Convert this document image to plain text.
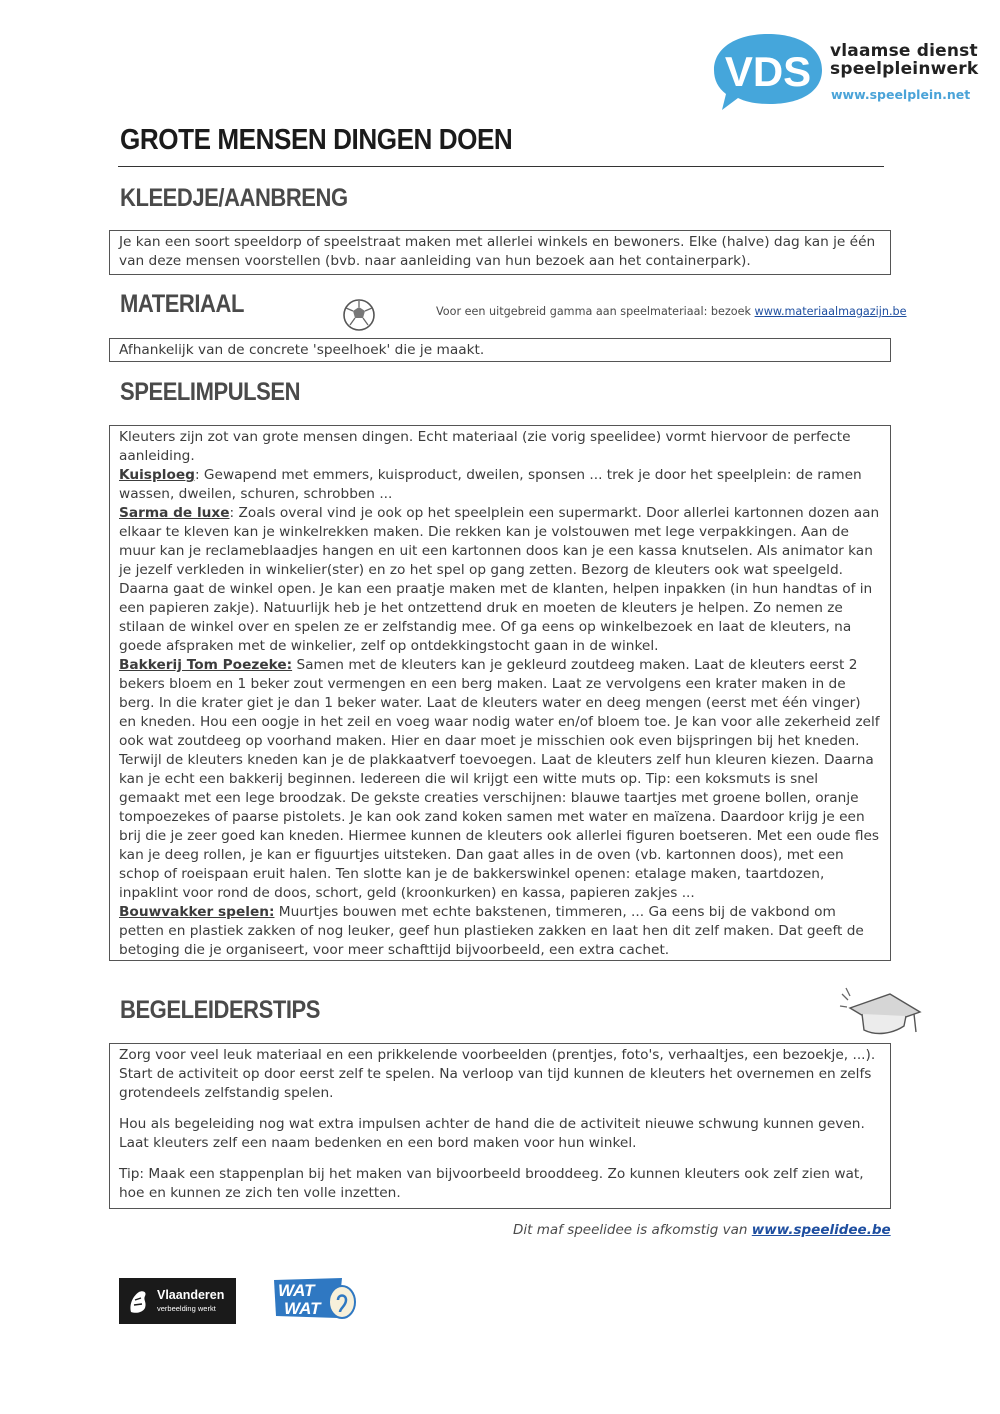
VDS vlaamse dienst
speelpleinwerk
www.speelplein.net
GROTE MENSEN DINGEN DOEN
KLEEDJE/AANBRENG

Je kan een soort speeldorp of speelstraat maken met allerlei winkels en bewoners. Elke (halve) dag kan je één van deze mensen voorstellen (bvb. naar aanleiding van hun bezoek aan het containerpark).

MATERIAAL	Voor een uitgebreid gamma aan speelmateriaal: bezoek www.materiaalmagazijn.be

Afhankelijk van de concrete 'speelhoek' die je maakt.

SPEELIMPULSEN

Kleuters zijn zot van grote mensen dingen. Echt materiaal (zie vorig speelidee) vormt hiervoor de perfecte aanleiding.

Kuisploeg: Gewapend met emmers, kuisproduct, dweilen, sponsen ... trek je door het speelplein: de ramen wassen, dweilen, schuren, schrobben ...

Sarma de luxe: Zoals overal vind je ook op het speelplein een supermarkt. Door allerlei kartonnen dozen aan elkaar te kleven kan je winkelrekken maken. Die rekken kan je volstouwen met lege verpakkingen. Aan de muur kan je reclameblaadjes hangen en uit een kartonnen doos kan je een kassa knutselen. Als animator kan je jezelf verkleden in winkelier(ster) en zo het spel op gang zetten. Bezorg de kleuters ook wat speelgeld. Daarna gaat de winkel open. Je kan een praatje maken met de klanten, helpen inpakken (in hun handtas of in een papieren zakje). Natuurlijk heb je het ontzettend druk en moeten de kleuters je helpen. Zo nemen ze stilaan de winkel over en spelen ze er zelfstandig mee. Of ga eens op winkelbezoek en laat de kleuters, na goede afspraken met de winkelier, zelf op ontdekkingstocht gaan in de winkel.

Bakkerij Tom Poezeke: Samen met de kleuters kan je gekleurd zoutdeeg maken. Laat de kleuters eerst 2 bekers bloem en 1 beker zout vermengen en een berg maken. Laat ze vervolgens een krater maken in de berg. In die krater giet je dan 1 beker water. Laat de kleuters water en deeg mengen (eerst met één vinger) en kneden. Hou een oogje in het zeil en voeg waar nodig water en/of bloem toe. Je kan voor alle zekerheid zelf ook wat zoutdeeg op voorhand maken. Hier en daar moet je misschien ook even bijspringen bij het kneden. Terwijl de kleuters kneden kan je de plakkaatverf toevoegen. Laat de kleuters zelf hun kleuren kiezen. Daarna kan je echt een bakkerij beginnen. Iedereen die wil krijgt een witte muts op. Tip: een koksmuts is snel gemaakt met een lege broodzak. De gekste creaties verschijnen: blauwe taartjes met groene bollen, oranje tompoezekes of paarse pistolets. Je kan ook zand koken samen met water en maïzena. Daardoor krijg je een brij die je zeer goed kan kneden. Hiermee kunnen de kleuters ook allerlei figuren boetseren. Met een oude fles kan je deeg rollen, je kan er figuurtjes uitsteken. Dan gaat alles in de oven (vb. kartonnen doos), met een schop of roeispaan eruit halen. Ten slotte kan je de bakkerswinkel openen: etalage maken, taartdozen, inpaklint voor rond de doos, schort, geld (kroonkurken) en kassa, papieren zakjes ...

Bouwvakker spelen: Muurtjes bouwen met echte bakstenen, timmeren, ... Ga eens bij de vakbond om petten en plastiek zakken of nog leuker, geef hun plastieken zakken en laat hen dit zelf maken. Dat geeft de betoging die je organiseert, voor meer schafttijd bijvoorbeeld, een extra cachet.

BEGELEIDERSTIPS

Zorg voor veel leuk materiaal en een prikkelende voorbeelden (prentjes, foto's, verhaaltjes, een bezoekje, ...). Start de activiteit op door eerst zelf te spelen. Na verloop van tijd kunnen de kleuters het overnemen en zelfs grotendeels zelfstandig spelen.

Hou als begeleiding nog wat extra impulsen achter de hand die de activiteit nieuwe schwung kunnen geven. Laat kleuters zelf een naam bedenken en een bord maken voor hun winkel.

Tip: Maak een stappenplan bij het maken van bijvoorbeeld brooddeeg. Zo kunnen kleuters ook zelf zien wat, hoe en kunnen ze zich ten volle inzetten.

Dit maf speelidee is afkomstig van www.speelidee.be
Vlaanderen
verbeelding werkt
WAT
WAT
